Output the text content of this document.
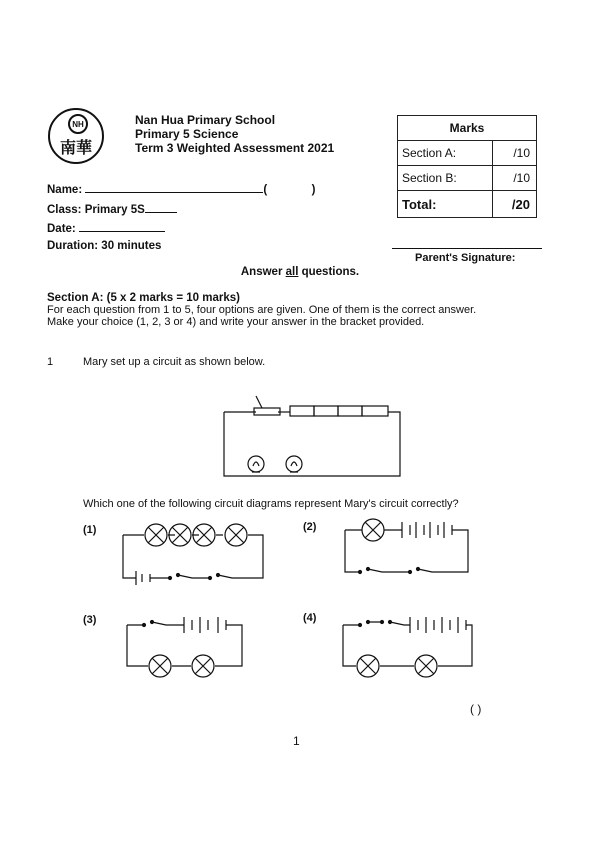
NH
南華
Nan Hua Primary School
Primary 5 Science
Term 3 Weighted Assessment 2021
Marks	
Section A:	/10
Section B:	/10
Total:	/20
Name:	(	)
Class: Primary 5S
Date:
Duration: 30 minutes
Parent's Signature:
Answer all questions.
Section A: (5 x 2 marks = 10 marks)
For each question from 1 to 5, four options are given. One of them is the correct answer.
Make your choice (1, 2, 3 or 4) and write your answer in the bracket provided.
1	Mary set up a circuit as shown below.
Which one of the following circuit diagrams represent Mary's circuit correctly?
(1)	(2)
(3)	(4)
( )
1
